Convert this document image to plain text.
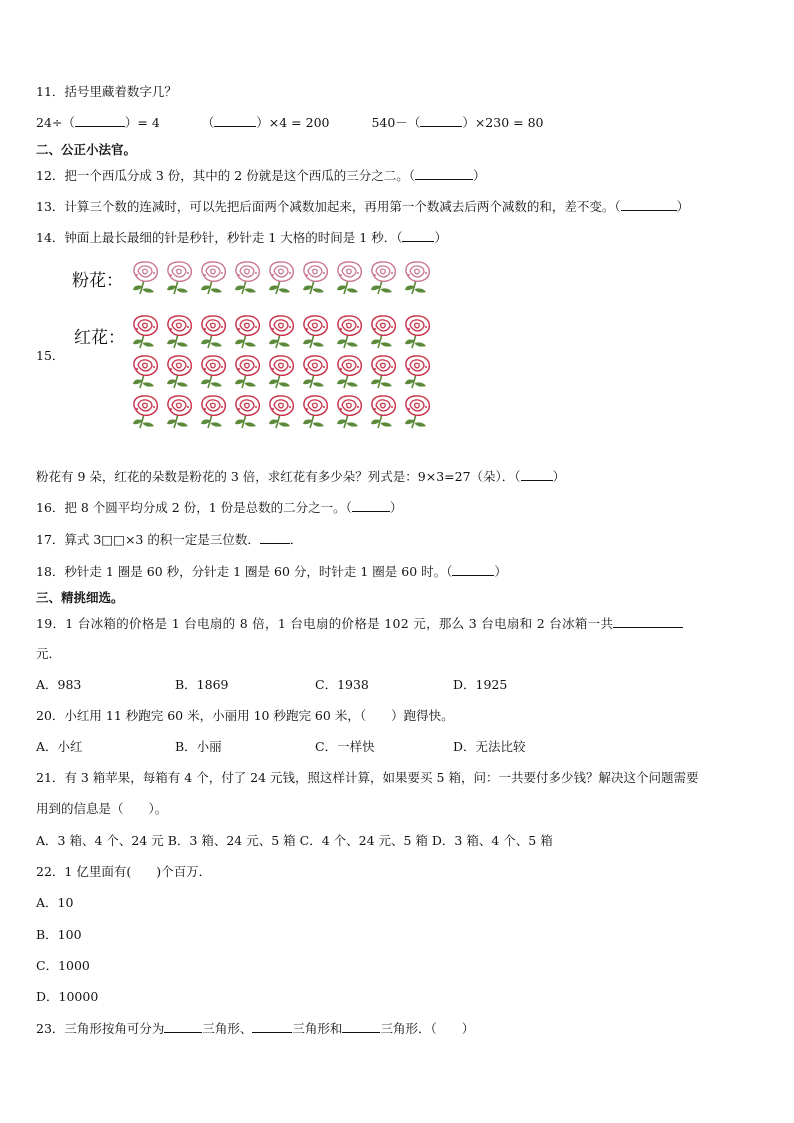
11．括号里藏着数字几？
24÷（	）= 4	（	）×4 = 200	540－（	）×230 = 80
二、公正小法官。
12．把一个西瓜分成 3 份，其中的 2 份就是这个西瓜的三分之二。（	）
13．计算三个数的连减时，可以先把后面两个减数加起来，再用第一个数减去后两个减数的和，差不变。（	）
14．钟面上最长最细的针是秒针，秒针走 1 大格的时间是 1 秒．（	）
粉花：
15．
红花：
粉花有 9 朵，红花的朵数是粉花的 3 倍，求红花有多少朵？列式是：9×3=27（朵）．（	）
16．把 8 个圆平均分成 2 份，1 份是总数的二分之一。（	）
17．算式 3□□×3 的积一定是三位数． ．
18．秒针走 1 圈是 60 秒，分针走 1 圈是 60 分，时针走 1 圈是 60 时。（	）
三、精挑细选。
19．1 台冰箱的价格是 1 台电扇的 8 倍，1 台电扇的价格是 102 元，那么 3 台电扇和 2 台冰箱一共
元．
A．983	B．1869	C．1938	D．1925
20．小红用 11 秒跑完 60 米，小丽用 10 秒跑完 60 米，（　　）跑得快。
A．小红	B．小丽	C．一样快	D．无法比较
21．有 3 箱苹果，每箱有 4 个，付了 24 元钱，照这样计算，如果要买 5 箱，问：一共要付多少钱？解决这个问题需要
用到的信息是（　　）。
A．3 箱、4 个、24 元 B．3 箱、24 元、5 箱 C．4 个、24 元、5 箱 D．3 箱、4 个、5 箱
22．1 亿里面有(　　)个百万．
A．10
B．100
C．1000
D．10000
23．三角形按角可分为	三角形、	三角形和	三角形．（　　）
